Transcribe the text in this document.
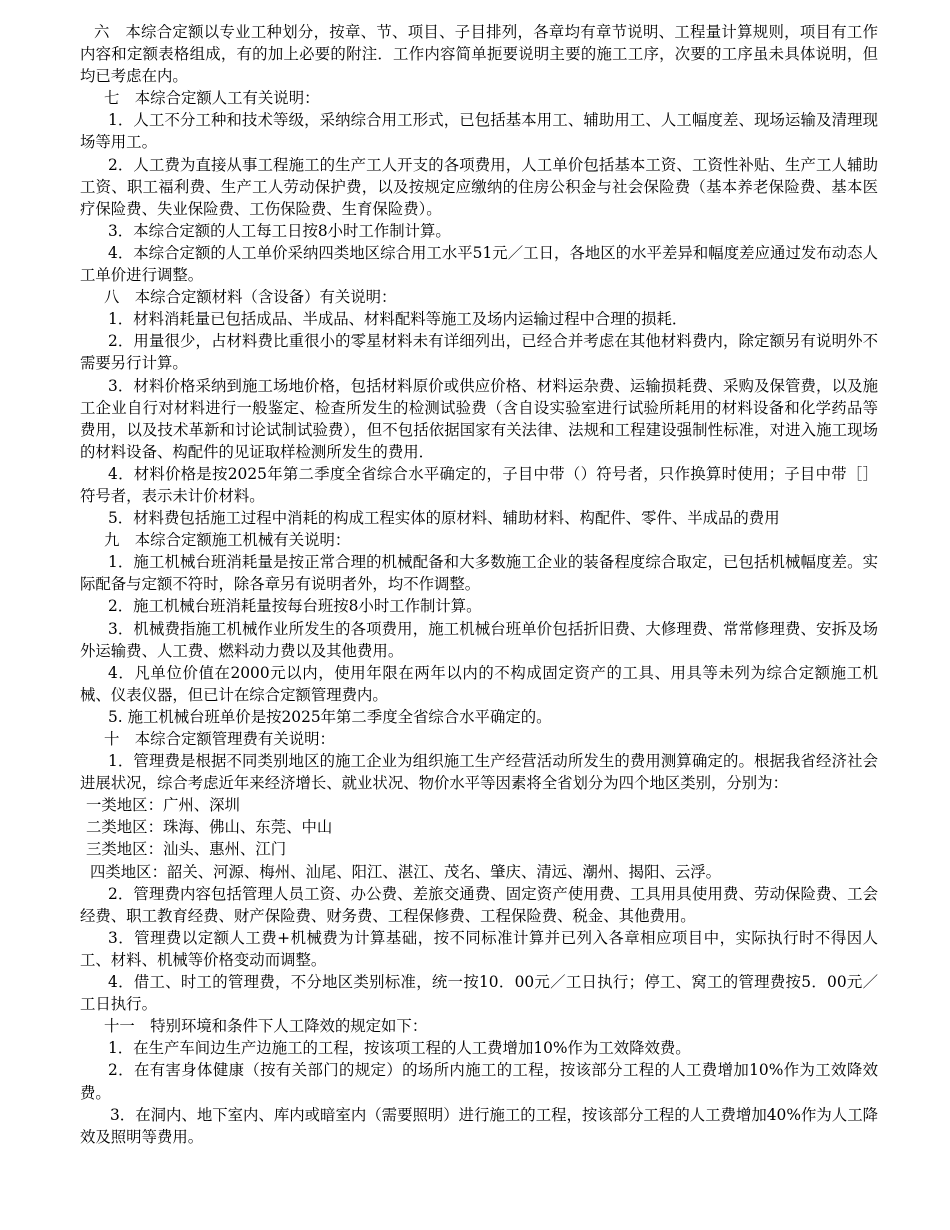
六　本综合定额以专业工种划分，按章、节、项目、子目排列，各章均有章节说明、工程量计算规则，项目有工作内容和定额表格组成，有的加上必要的附注．工作内容简单扼要说明主要的施工工序，次要的工序虽未具体说明，但均已考虑在内。

七　本综合定额人工有关说明：

1．人工不分工种和技术等级，采纳综合用工形式，已包括基本用工、辅助用工、人工幅度差、现场运输及清理现场等用工。

2．人工费为直接从事工程施工的生产工人开支的各项费用，人工单价包括基本工资、工资性补贴、生产工人辅助工资、职工福利费、生产工人劳动保护费，以及按规定应缴纳的住房公积金与社会保险费（基本养老保险费、基本医疗保险费、失业保险费、工伤保险费、生育保险费）。

3．本综合定额的人工每工日按8小时工作制计算。

4．本综合定额的人工单价采纳四类地区综合用工水平51元／工日，各地区的水平差异和幅度差应通过发布动态人工单价进行调整。

八　本综合定额材料（含设备）有关说明：

1．材料消耗量已包括成品、半成品、材料配料等施工及场内运输过程中合理的损耗．

2．用量很少，占材料费比重很小的零星材料未有详细列出，已经合并考虑在其他材料费内，除定额另有说明外不需要另行计算。

3．材料价格采纳到施工场地价格，包括材料原价或供应价格、材料运杂费、运输损耗费、采购及保管费，以及施工企业自行对材料进行一般鉴定、检查所发生的检测试验费（含自设实验室进行试验所耗用的材料设备和化学药品等费用，以及技术革新和讨论试制试验费），但不包括依据国家有关法律、法规和工程建设强制性标准，对进入施工现场的材料设备、构配件的见证取样检测所发生的费用．

4．材料价格是按2025年第二季度全省综合水平确定的，子目中带（）符号者，只作换算时使用；子目中带［］符号者，表示未计价材料。

5．材料费包括施工过程中消耗的构成工程实体的原材料、辅助材料、构配件、零件、半成品的费用

九　本综合定额施工机械有关说明：

1．施工机械台班消耗量是按正常合理的机械配备和大多数施工企业的装备程度综合取定，已包括机械幅度差。实际配备与定额不符时，除各章另有说明者外，均不作调整。

2．施工机械台班消耗量按每台班按8小时工作制计算。

3．机械费指施工机械作业所发生的各项费用，施工机械台班单价包括折旧费、大修理费、常常修理费、安拆及场外运输费、人工费、燃料动力费以及其他费用。

4．凡单位价值在2000元以内，使用年限在两年以内的不构成固定资产的工具、用具等未列为综合定额施工机械、仪表仪器，但已计在综合定额管理费内。

5. 施工机械台班单价是按2025年第二季度全省综合水平确定的。

十　本综合定额管理费有关说明：

1．管理费是根据不同类别地区的施工企业为组织施工生产经营活动所发生的费用测算确定的。根据我省经济社会进展状况，综合考虑近年来经济增长、就业状况、物价水平等因素将全省划分为四个地区类别，分别为：

一类地区：广州、深圳

二类地区：珠海、佛山、东莞、中山

三类地区：汕头、惠州、江门

四类地区：韶关、河源、梅州、汕尾、阳江、湛江、茂名、肇庆、清远、潮州、揭阳、云浮。

2．管理费内容包括管理人员工资、办公费、差旅交通费、固定资产使用费、工具用具使用费、劳动保险费、工会经费、职工教育经费、财产保险费、财务费、工程保修费、工程保险费、税金、其他费用。

3．管理费以定额人工费+机械费为计算基础，按不同标准计算并已列入各章相应项目中，实际执行时不得因人工、材料、机械等价格变动而调整。

4．借工、时工的管理费，不分地区类别标准，统一按10．00元／工日执行；停工、窝工的管理费按5．00元／工日执行。

十一　特别环境和条件下人工降效的规定如下：

1．在生产车间边生产边施工的工程，按该项工程的人工费增加10%作为工效降效费。

2．在有害身体健康（按有关部门的规定）的场所内施工的工程，按该部分工程的人工费增加10%作为工效降效费。

3．在洞内、地下室内、库内或暗室内（需要照明）进行施工的工程，按该部分工程的人工费增加40%作为人工降效及照明等费用。
